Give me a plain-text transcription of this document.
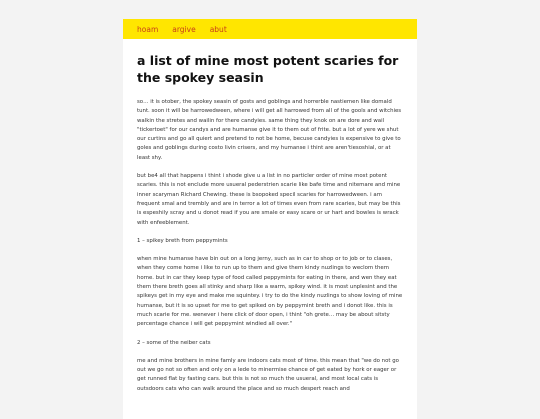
hoam argive abut
a list of mine most potent scaries for the spokey seasin

so… it is otober, the spokey seasin of gosts and goblings and horrerble nastiemen like domald tunt. soon it will be harrowedween, where i will get all harrowed from all of the gools and witchies walkin the stretes and wailin for there candyies. same thing they knok on are dore and wail "tickertoet" for our candys and are humanse give it to them out of frite. but a lot of yere we shut our curtins and go all quiert and pretend to not be home, becuse candyies is expensive to give to goles and goblings during costo livin crisers, and my humanse i thint are aren'tiesoshial, or at least shy.

but be4 all that happens i thint i shode give u a list in no particler order of mine most potent scaries. this is not enclude more usueral pederstrien scarie like bafe time and nitemare and mine inner scaryman Richard Chewing. these is bsopoked specil scaries for harrowedween. i am frequent smal and trembly and are in terror a lot of times even from rare scaries, but may be this is espeshily scray and u donot read if you are smale or easy scare or ur hart and bowles is wrack with enfeeblement.

1 – spikey breth from peppymints

when mine humanse have bin out on a long jerny, such as in car to shop or to job or to clases, when they come home i like to run up to them and give them kindy nuzlings to weclom them home. but in car they keep type of food called peppymints for eating in there, and wen they eat them there breth goes all stinky and sharp like a warm, spikey wind. it is most unplesint and the spikeys get in my eye and make me squintey. i try to do the kindy nuzlings to show loving of mine humanse, but it is so upset for me to get spiked on by peppymint breth and i donot like. this is much scarie for me. wenever i here click of door open, i thint "oh grete… may be about sitsty percentage chance i will get peppymint windied all over."

2 – some of the neiber cats

me and mine brothers in mine famly are indoors cats most of time. this mean that "we do not go out we go not so often and only on a lede to minermise chance of get eated by hork or eager or get runned flat by fasting cars. but this is not so much the usueral, and most local cats is outsdoors cats who can walk around the place and so much despert reach and
